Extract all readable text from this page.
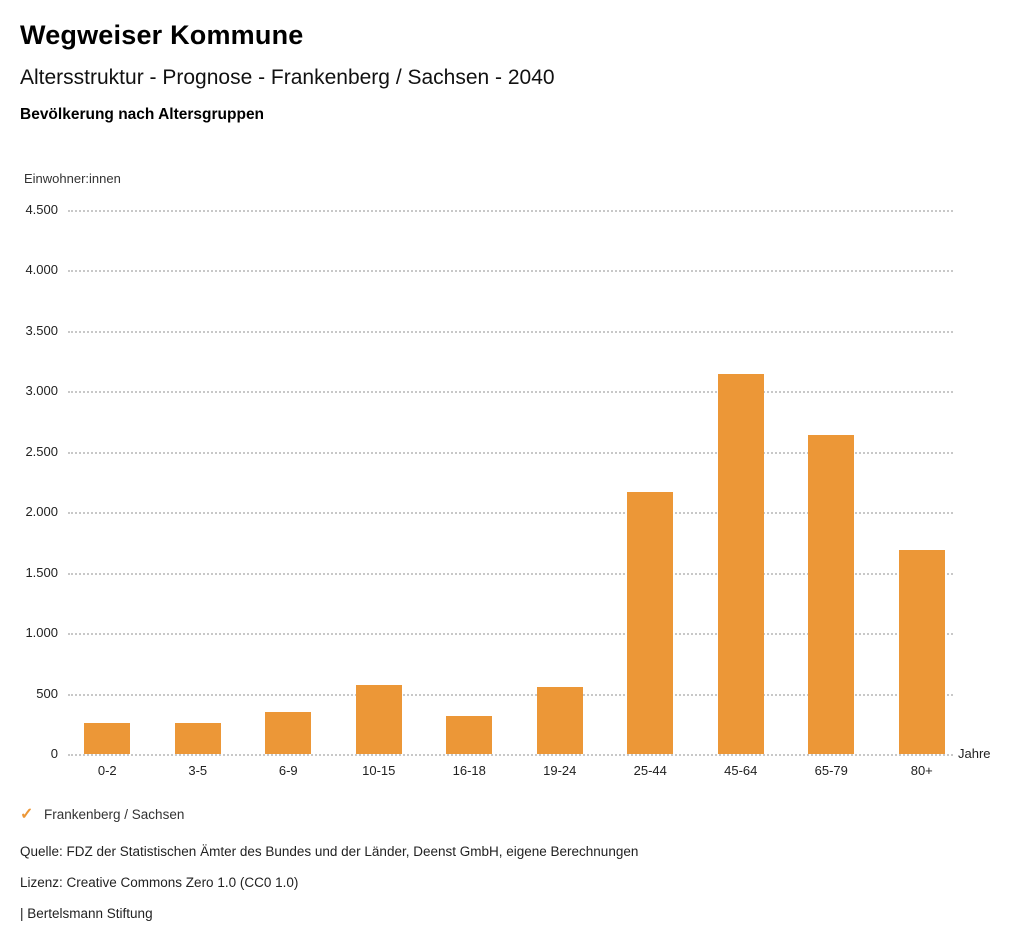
Wegweiser Kommune
Altersstruktur - Prognose - Frankenberg / Sachsen - 2040
Bevölkerung nach Altersgruppen
Einwohner:innen
0
500
1.000
1.500
2.000
2.500
3.000
3.500
4.000
4.500
0-2	3-5	6-9	10-15	16-18	19-24	25-44	45-64	65-79	80+
Jahre
✓ Frankenberg / Sachsen
Quelle: FDZ der Statistischen Ämter des Bundes und der Länder, Deenst GmbH, eigene Berechnungen
Lizenz: Creative Commons Zero 1.0 (CC0 1.0)
| Bertelsmann Stiftung
